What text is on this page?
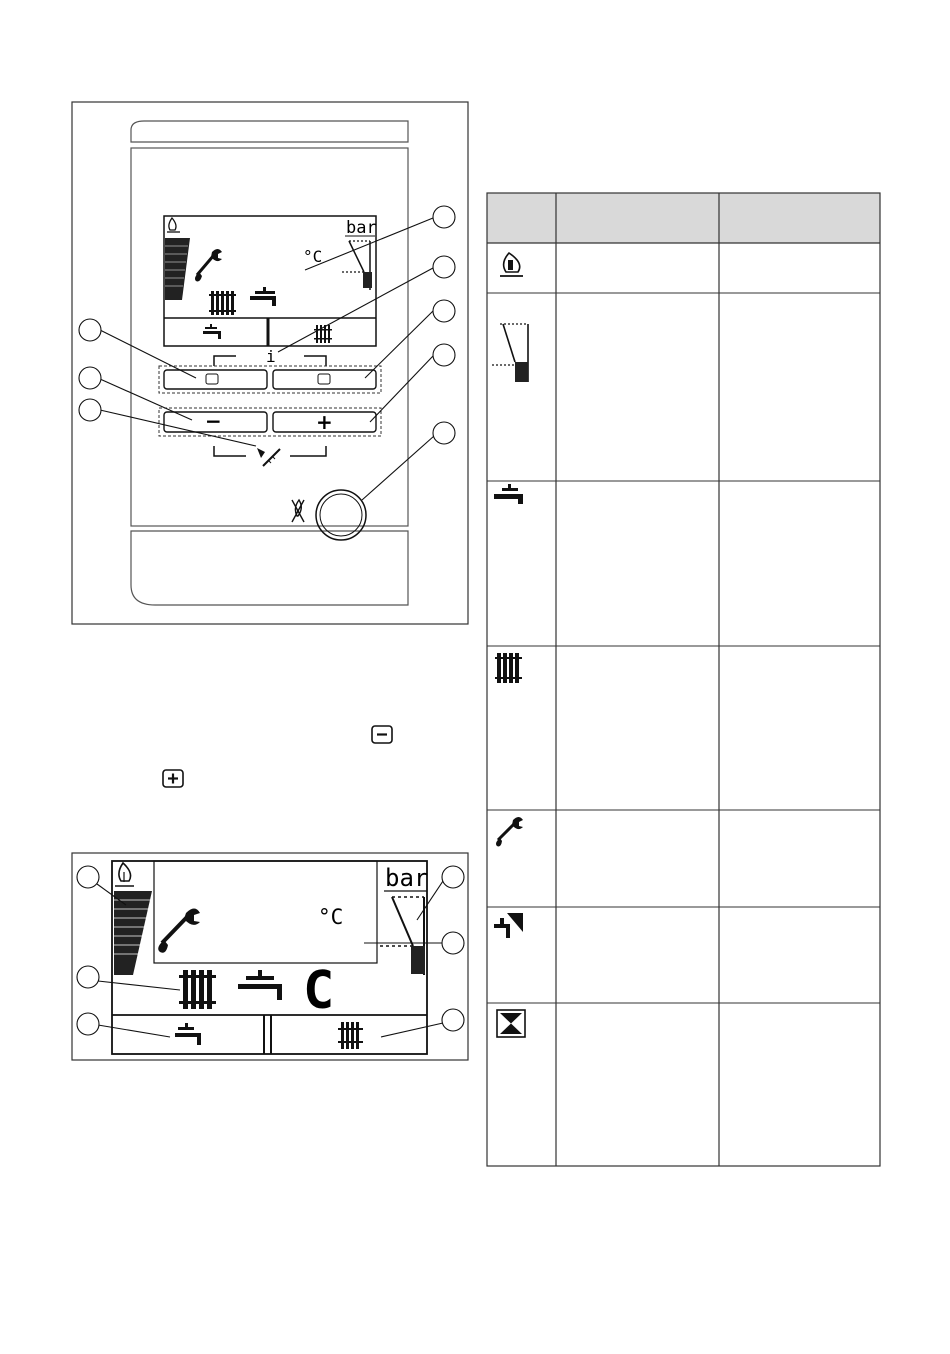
°C
bar
i
−	+
°C
bar
C
